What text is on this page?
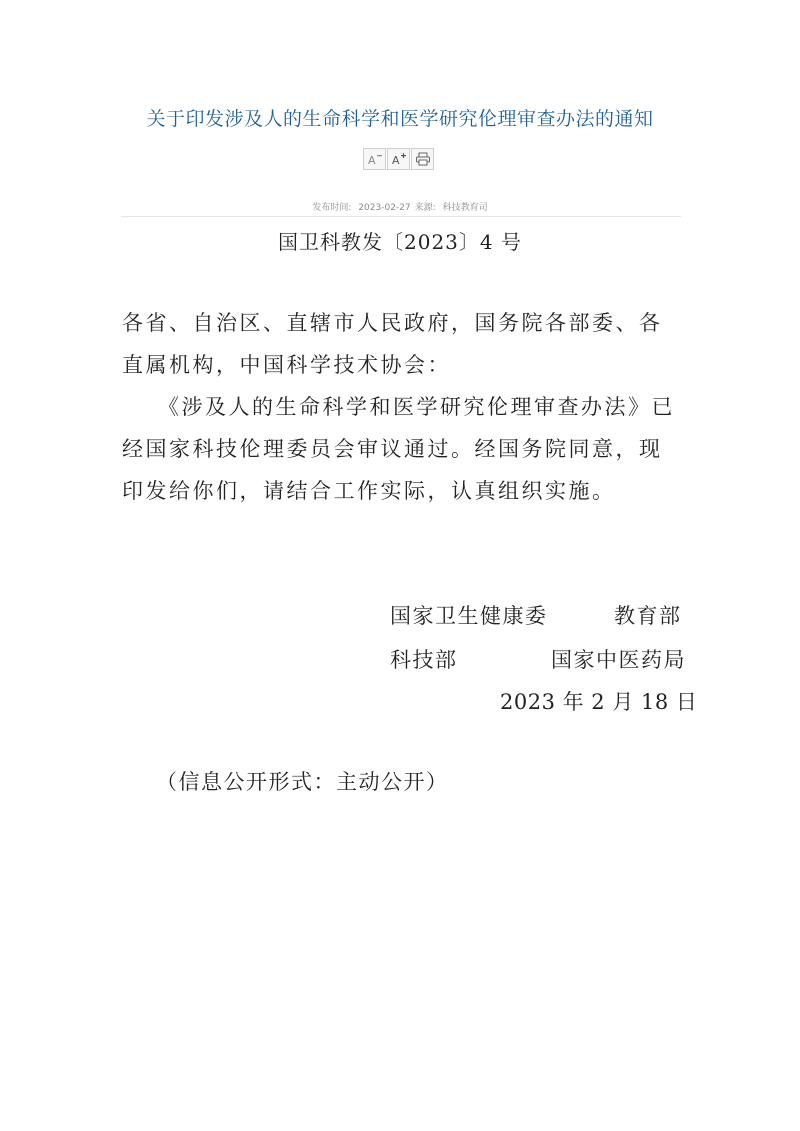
关于印发涉及人的生命科学和医学研究伦理审查办法的通知
A A
发布时间: 2023-02-27 来源: 科技教育司
国卫科教发〔2023〕4 号
各省、自治区、直辖市人民政府，国务院各部委、各直属机构，中国科学技术协会：
《涉及人的生命科学和医学研究伦理审查办法》已经国家科技伦理委员会审议通过。经国务院同意，现印发给你们，请结合工作实际，认真组织实施。
国家卫生健康委	教育部
科技部	国家中医药局
2023 年 2 月 18 日
（信息公开形式：主动公开）
